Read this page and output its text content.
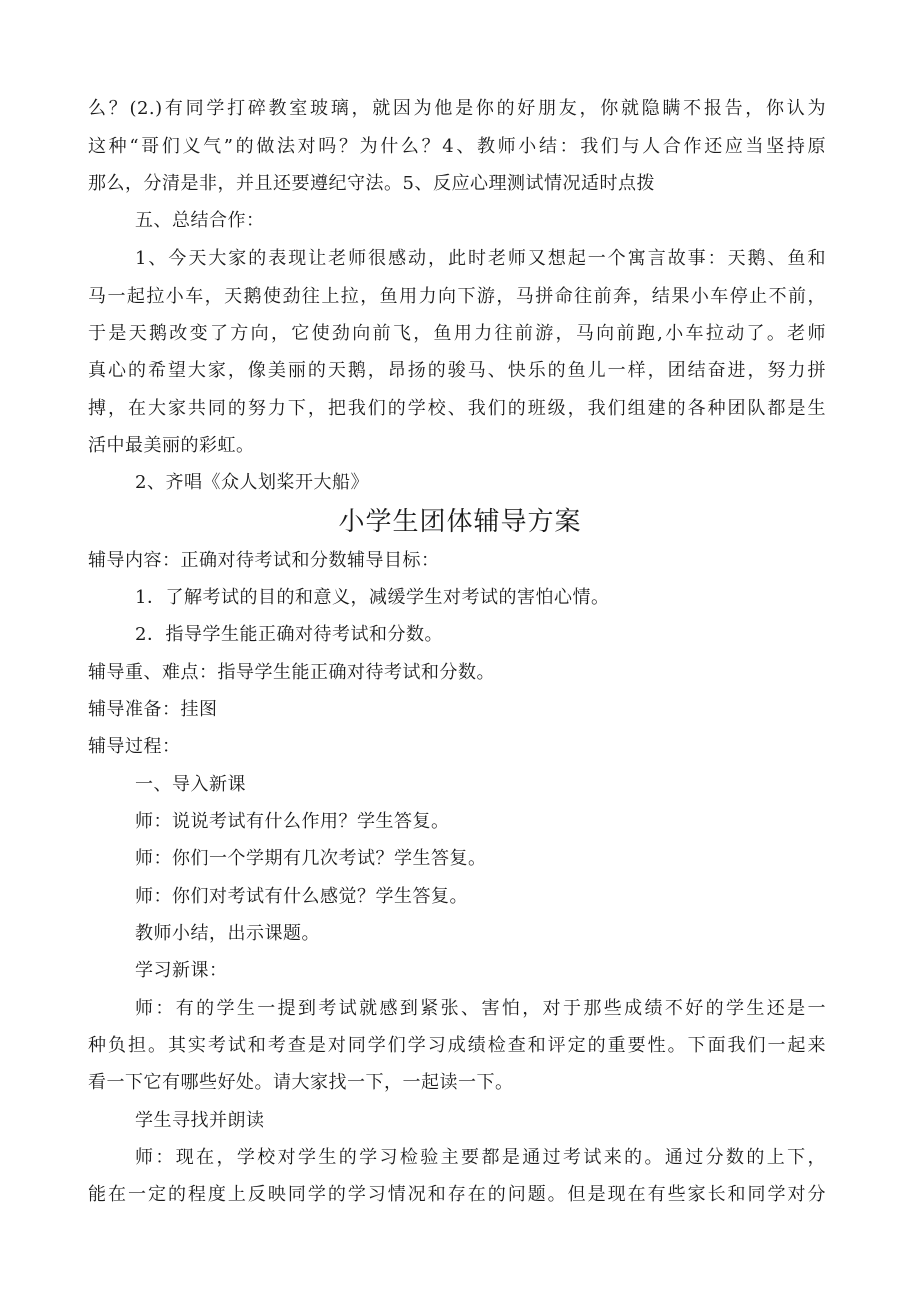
么？(2.)有同学打碎教室玻璃，就因为他是你的好朋友，你就隐瞒不报告，你认为
这种“哥们义气”的做法对吗？为什么？4、教师小结：我们与人合作还应当坚持原
那么，分清是非，并且还要遵纪守法。5、反应心理测试情况适时点拨
五、总结合作：
1、今天大家的表现让老师很感动，此时老师又想起一个寓言故事：天鹅、鱼和
马一起拉小车，天鹅使劲往上拉，鱼用力向下游，马拼命往前奔，结果小车停止不前，
于是天鹅改变了方向，它使劲向前飞，鱼用力往前游，马向前跑,小车拉动了。老师
真心的希望大家，像美丽的天鹅，昂扬的骏马、快乐的鱼儿一样，团结奋进，努力拼
搏，在大家共同的努力下，把我们的学校、我们的班级，我们组建的各种团队都是生
活中最美丽的彩虹。
2、齐唱《众人划桨开大船》
小学生团体辅导方案
辅导内容：正确对待考试和分数辅导目标：
1．了解考试的目的和意义，减缓学生对考试的害怕心情。
2．指导学生能正确对待考试和分数。
辅导重、难点：指导学生能正确对待考试和分数。
辅导准备：挂图
辅导过程：
一、导入新课
师：说说考试有什么作用？学生答复。
师：你们一个学期有几次考试？学生答复。
师：你们对考试有什么感觉？学生答复。
教师小结，出示课题。
学习新课：
师：有的学生一提到考试就感到紧张、害怕，对于那些成绩不好的学生还是一
种负担。其实考试和考查是对同学们学习成绩检查和评定的重要性。下面我们一起来
看一下它有哪些好处。请大家找一下，一起读一下。
学生寻找并朗读
师：现在，学校对学生的学习检验主要都是通过考试来的。通过分数的上下，
能在一定的程度上反映同学的学习情况和存在的问题。但是现在有些家长和同学对分
